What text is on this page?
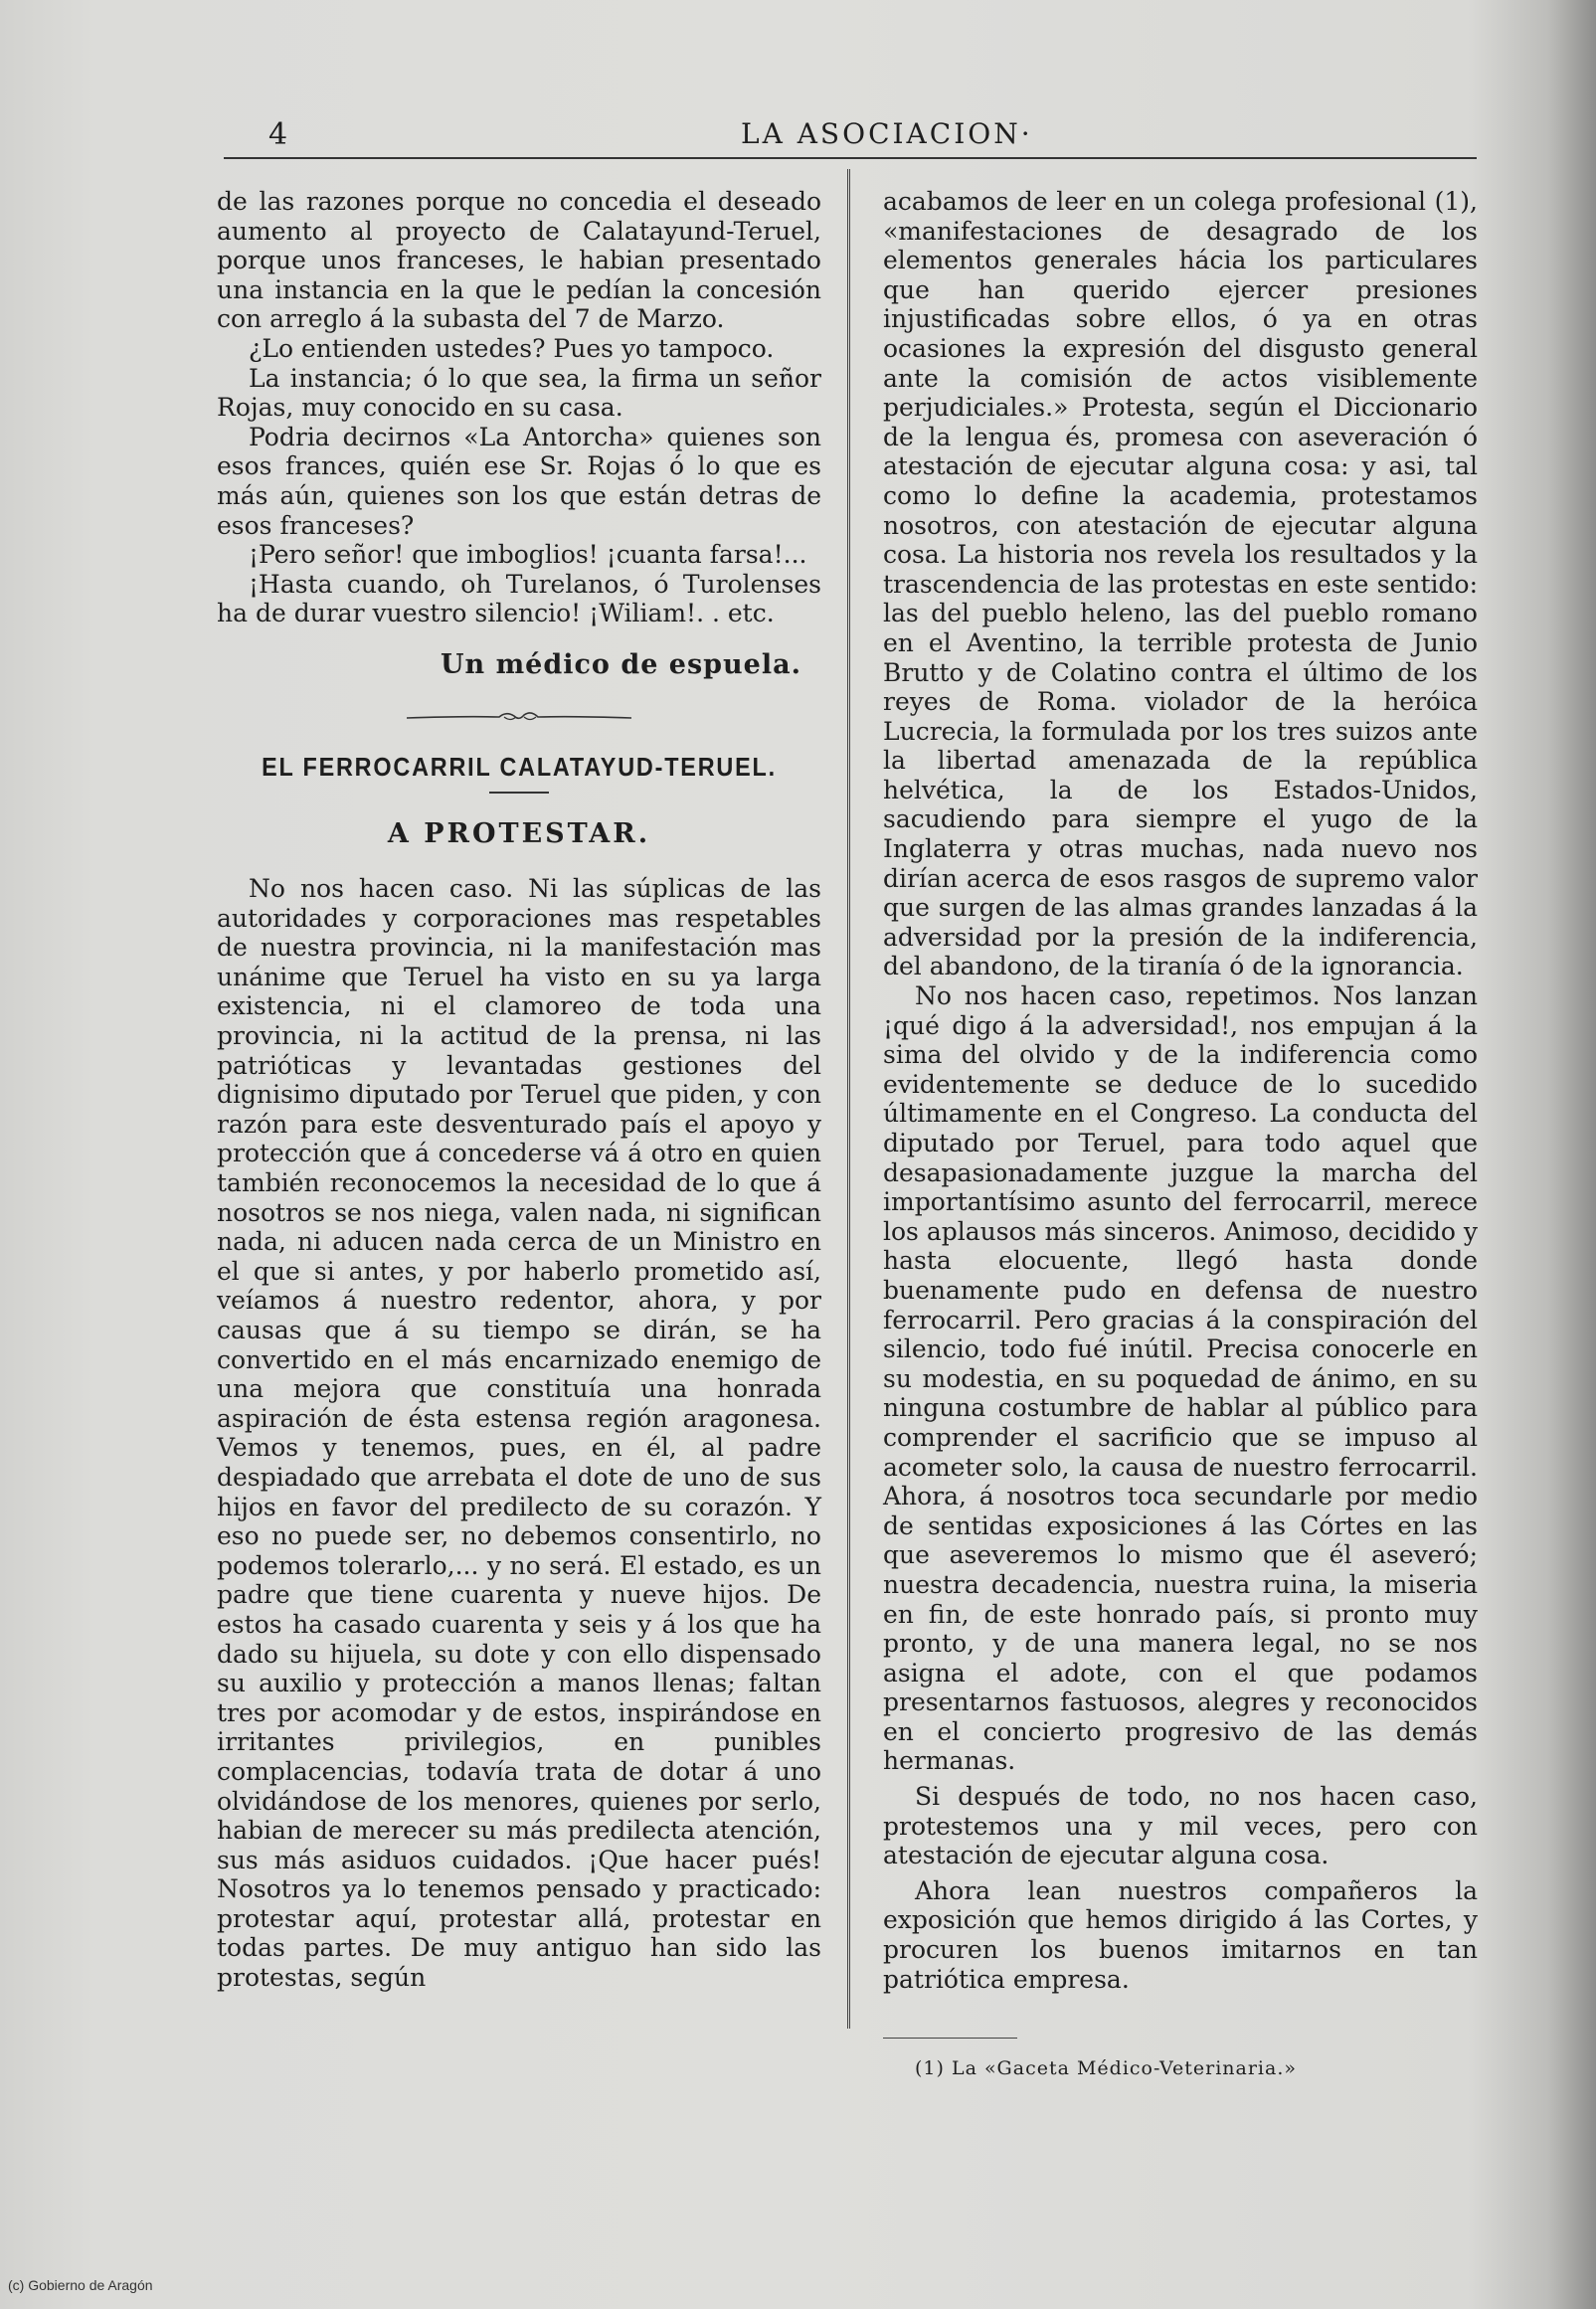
4	LA ASOCIACION·

de las razones porque no concedia el deseado aumento al proyecto de Calatayund-Teruel, porque unos franceses, le habian presentado una instancia en la que le pedían la concesión con arreglo á la subasta del 7 de Marzo.

¿Lo entienden ustedes? Pues yo tampoco.

La instancia; ó lo que sea, la firma un señor Rojas, muy conocido en su casa.

Podria decirnos «La Antorcha» quienes son esos frances, quién ese Sr. Rojas ó lo que es más aún, quienes son los que están detras de esos franceses?

¡Pero señor! que imboglios! ¡cuanta farsa!...

¡Hasta cuando, oh Turelanos, ó Turolenses ha de durar vuestro silencio! ¡Wiliam!. . etc.

Un médico de espuela.
EL FERROCARRIL CALATAYUD-TERUEL.
A PROTESTAR.

No nos hacen caso. Ni las súplicas de las autoridades y corporaciones mas respetables de nuestra provincia, ni la manifestación mas unánime que Teruel ha visto en su ya larga existencia, ni el clamoreo de toda una provincia, ni la actitud de la prensa, ni las patrióticas y levantadas gestiones del dignisimo diputado por Teruel que piden, y con razón para este desventurado país el apoyo y protección que á concederse vá á otro en quien también reconocemos la necesidad de lo que á nosotros se nos niega, valen nada, ni significan nada, ni aducen nada cerca de un Ministro en el que si antes, y por haberlo prometido así, veíamos á nuestro redentor, ahora, y por causas que á su tiempo se dirán, se ha convertido en el más encarnizado enemigo de una mejora que constituía una honrada aspiración de ésta estensa región aragonesa. Vemos y tenemos, pues, en él, al padre despiadado que arrebata el dote de uno de sus hijos en favor del predilecto de su corazón. Y eso no puede ser, no debemos consentirlo, no podemos tolerarlo,... y no será. El estado, es un padre que tiene cuarenta y nueve hijos. De estos ha casado cuarenta y seis y á los que ha dado su hijuela, su dote y con ello dispensado su auxilio y protección a manos llenas; faltan tres por acomodar y de estos, inspirándose en irritantes privilegios, en punibles complacencias, todavía trata de dotar á uno olvidándose de los menores, quienes por serlo, habian de merecer su más predilecta atención, sus más asiduos cuidados. ¡Que hacer pués! Nosotros ya lo tenemos pensado y practicado: protestar aquí, protestar allá, protestar en todas partes. De muy antiguo han sido las protestas, según

acabamos de leer en un colega profesional (1), «manifestaciones de desagrado de los elementos generales hácia los particulares que han querido ejercer presiones injustificadas sobre ellos, ó ya en otras ocasiones la expresión del disgusto general ante la comisión de actos visiblemente perjudiciales.» Protesta, según el Diccionario de la lengua és, promesa con aseveración ó atestación de ejecutar alguna cosa: y asi, tal como lo define la academia, protestamos nosotros, con atestación de ejecutar alguna cosa. La historia nos revela los resultados y la trascendencia de las protestas en este sentido: las del pueblo heleno, las del pueblo romano en el Aventino, la terrible protesta de Junio Brutto y de Colatino contra el último de los reyes de Roma. violador de la heróica Lucrecia, la formulada por los tres suizos ante la libertad amenazada de la república helvética, la de los Estados-Unidos, sacudiendo para siempre el yugo de la Inglaterra y otras muchas, nada nuevo nos dirían acerca de esos rasgos de supremo valor que surgen de las almas grandes lanzadas á la adversidad por la presión de la indiferencia, del abandono, de la tiranía ó de la ignorancia.

No nos hacen caso, repetimos. Nos lanzan ¡qué digo á la adversidad!, nos empujan á la sima del olvido y de la indiferencia como evidentemente se deduce de lo sucedido últimamente en el Congreso. La conducta del diputado por Teruel, para todo aquel que desapasionadamente juzgue la marcha del importantísimo asunto del ferrocarril, merece los aplausos más sinceros. Animoso, decidido y hasta elocuente, llegó hasta donde buenamente pudo en defensa de nuestro ferrocarril. Pero gracias á la conspiración del silencio, todo fué inútil. Precisa conocerle en su modestia, en su poquedad de ánimo, en su ninguna costumbre de hablar al público para comprender el sacrificio que se impuso al acometer solo, la causa de nuestro ferrocarril. Ahora, á nosotros toca secundarle por medio de sentidas exposiciones á las Córtes en las que aseveremos lo mismo que él aseveró; nuestra decadencia, nuestra ruina, la miseria en fin, de este honrado país, si pronto muy pronto, y de una manera legal, no se nos asigna el adote, con el que podamos presentarnos fastuosos, alegres y reconocidos en el concierto progresivo de las demás hermanas.

Si después de todo, no nos hacen caso, protestemos una y mil veces, pero con atestación de ejecutar alguna cosa.

Ahora lean nuestros compañeros la exposición que hemos dirigido á las Cortes, y procuren los buenos imitarnos en tan patriótica empresa.

(1) La «Gaceta Médico-Veterinaria.»

(c) Gobierno de Aragón
